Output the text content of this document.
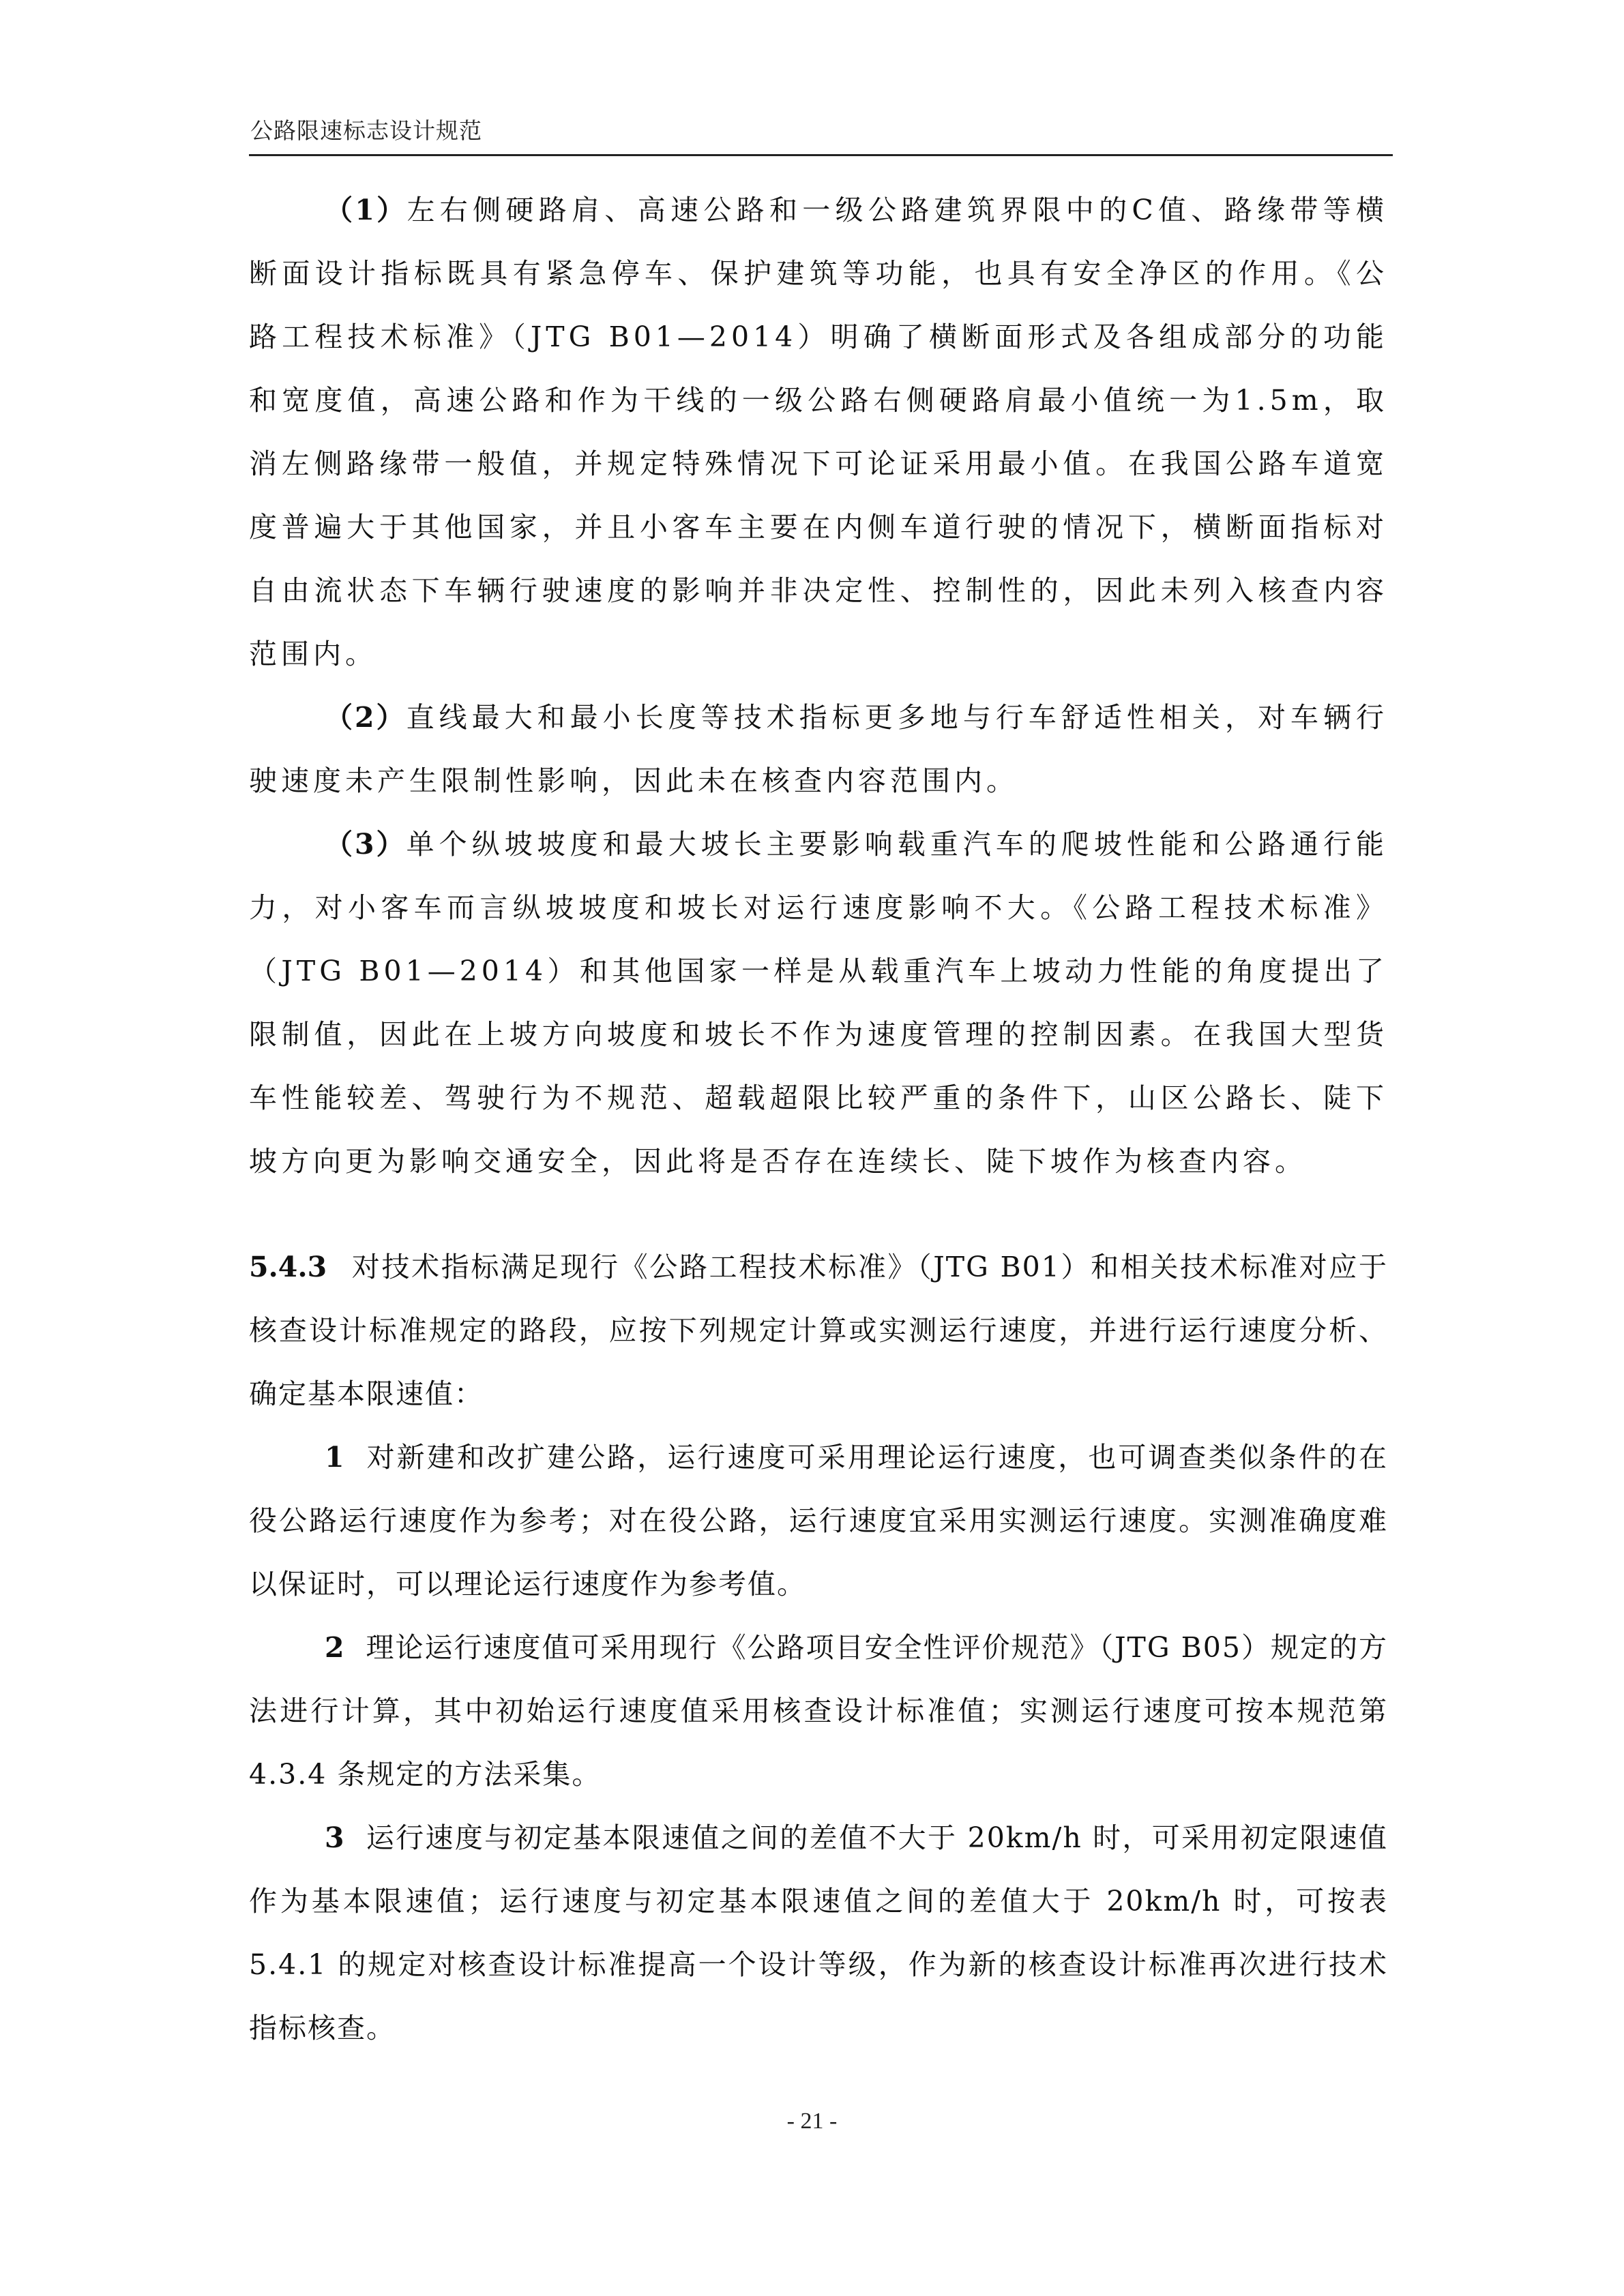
公路限速标志设计规范

（1）左右侧硬路肩、高速公路和一级公路建筑界限中的C值、路缘带等横断面设计指标既具有紧急停车、保护建筑等功能，也具有安全净区的作用。《公路工程技术标准》（JTG B01—2014）明确了横断面形式及各组成部分的功能和宽度值，高速公路和作为干线的一级公路右侧硬路肩最小值统一为1.5m，取消左侧路缘带一般值，并规定特殊情况下可论证采用最小值。在我国公路车道宽度普遍大于其他国家，并且小客车主要在内侧车道行驶的情况下，横断面指标对自由流状态下车辆行驶速度的影响并非决定性、控制性的，因此未列入核查内容范围内。

（2）直线最大和最小长度等技术指标更多地与行车舒适性相关，对车辆行驶速度未产生限制性影响，因此未在核查内容范围内。

（3）单个纵坡坡度和最大坡长主要影响载重汽车的爬坡性能和公路通行能力，对小客车而言纵坡坡度和坡长对运行速度影响不大。《公路工程技术标准》（JTG B01—2014）和其他国家一样是从载重汽车上坡动力性能的角度提出了限制值，因此在上坡方向坡度和坡长不作为速度管理的控制因素。在我国大型货车性能较差、驾驶行为不规范、超载超限比较严重的条件下，山区公路长、陡下坡方向更为影响交通安全，因此将是否存在连续长、陡下坡作为核查内容。

5.4.3 对技术指标满足现行《公路工程技术标准》（JTG B01）和相关技术标准对应于核查设计标准规定的路段，应按下列规定计算或实测运行速度，并进行运行速度分析、确定基本限速值：

1 对新建和改扩建公路，运行速度可采用理论运行速度，也可调查类似条件的在役公路运行速度作为参考；对在役公路，运行速度宜采用实测运行速度。实测准确度难以保证时，可以理论运行速度作为参考值。

2 理论运行速度值可采用现行《公路项目安全性评价规范》（JTG B05）规定的方法进行计算，其中初始运行速度值采用核查设计标准值；实测运行速度可按本规范第 4.3.4 条规定的方法采集。

3 运行速度与初定基本限速值之间的差值不大于 20km/h 时，可采用初定限速值作为基本限速值；运行速度与初定基本限速值之间的差值大于 20km/h 时，可按表 5.4.1 的规定对核查设计标准提高一个设计等级，作为新的核查设计标准再次进行技术指标核查。

- 21 -
